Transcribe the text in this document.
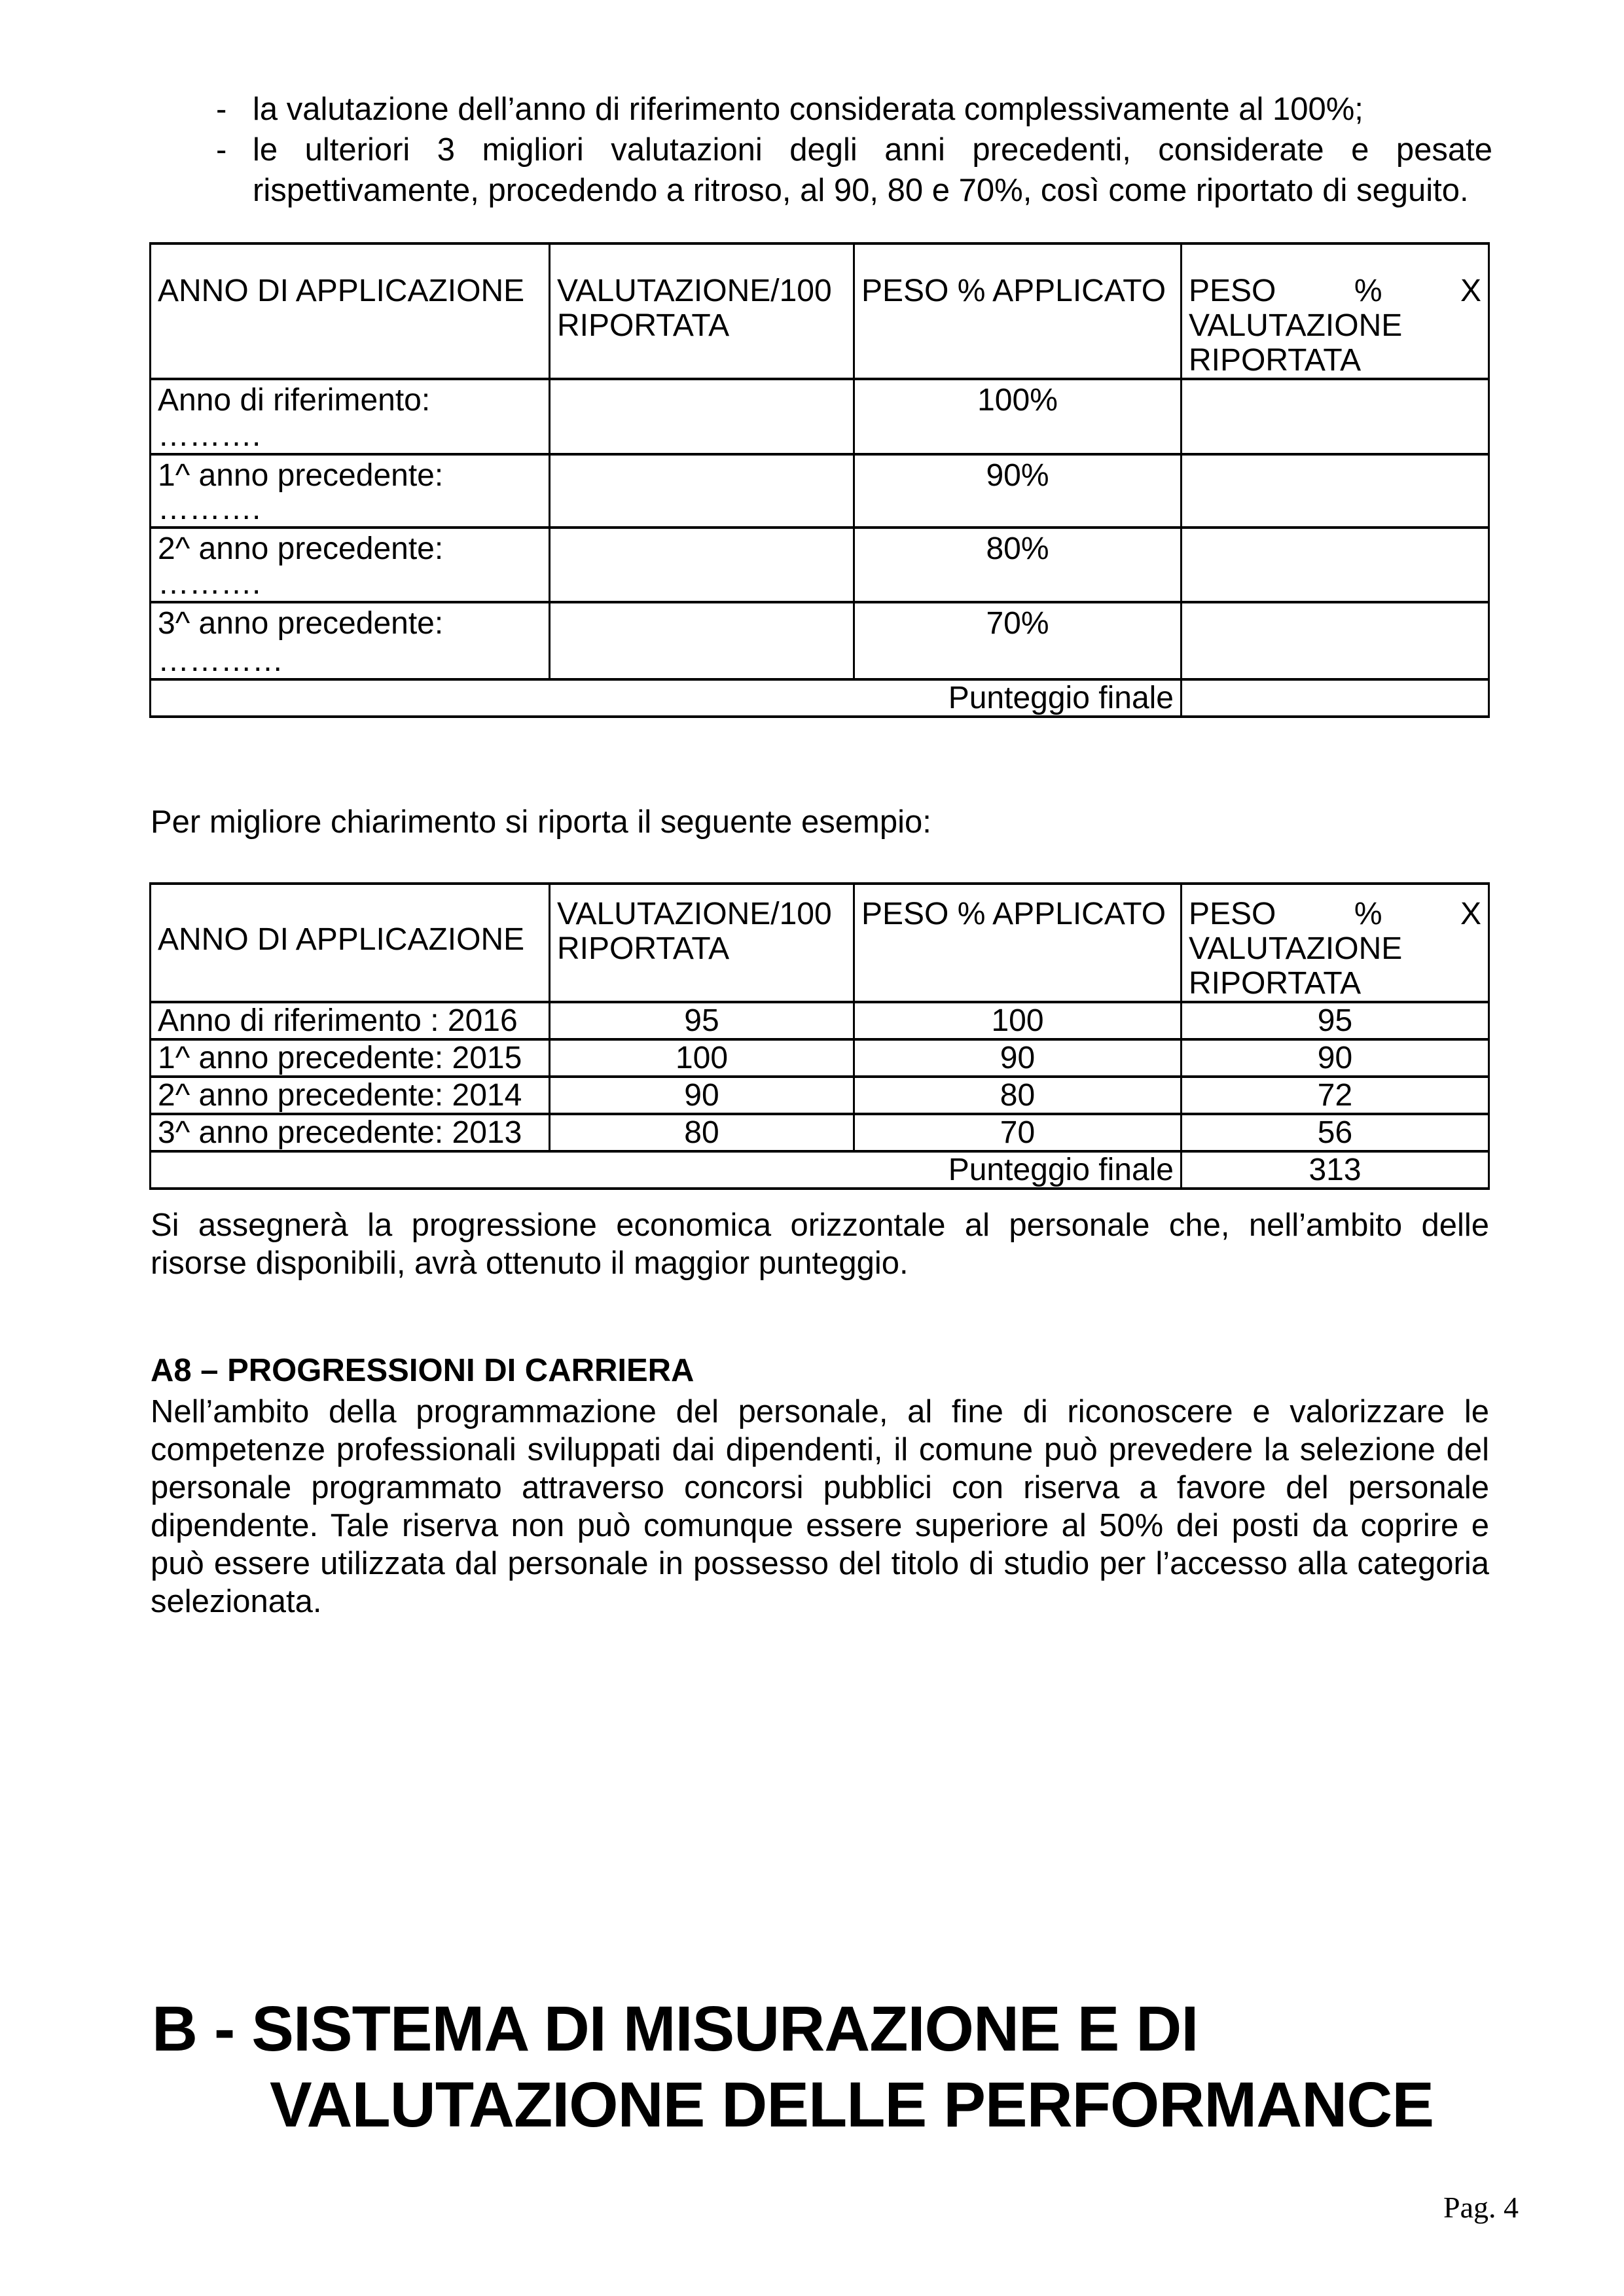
- la valutazione dell’anno di riferimento considerata complessivamente al 100%;
- le ulteriori 3 migliori valutazioni degli anni precedenti, considerate e pesate rispettivamente, procedendo a ritroso, al 90, 80 e 70%, così come riportato di seguito.
ANNO DI APPLICAZIONE	VALUTAZIONE/100 RIPORTATA	PESO % APPLICATO	PESO % X VALUTAZIONE RIPORTATA

Anno di riferimento:
……….		100%	

1^ anno precedente:
……….		90%	

2^ anno precedente:
……….		80%	

3^ anno precedente:
…………		70%	
Punteggio finale			
Per migliore chiarimento si riporta il seguente esempio:
ANNO DI APPLICAZIONE	VALUTAZIONE/100 RIPORTATA	PESO % APPLICATO	PESO % X VALUTAZIONE RIPORTATA
Anno di riferimento : 2016	95	100	95
1^ anno precedente: 2015	100	90	90
2^ anno precedente: 2014	90	80	72
3^ anno precedente: 2013	80	70	56
Punteggio finale			313
Si assegnerà la progressione economica orizzontale al personale che, nell’ambito delle risorse disponibili, avrà ottenuto il maggior punteggio.
A8 – PROGRESSIONI DI CARRIERA
Nell’ambito della programmazione del personale, al fine di riconoscere e valorizzare le competenze professionali sviluppati dai dipendenti, il comune può prevedere la selezione del personale programmato attraverso concorsi pubblici con riserva a favore del personale dipendente. Tale riserva non può comunque essere superiore al 50% dei posti da coprire e può essere utilizzata dal personale in possesso del titolo di studio per l’accesso alla categoria selezionata.
B - SISTEMA DI MISURAZIONE E DI
VALUTAZIONE DELLE PERFORMANCE
Pag. 4
